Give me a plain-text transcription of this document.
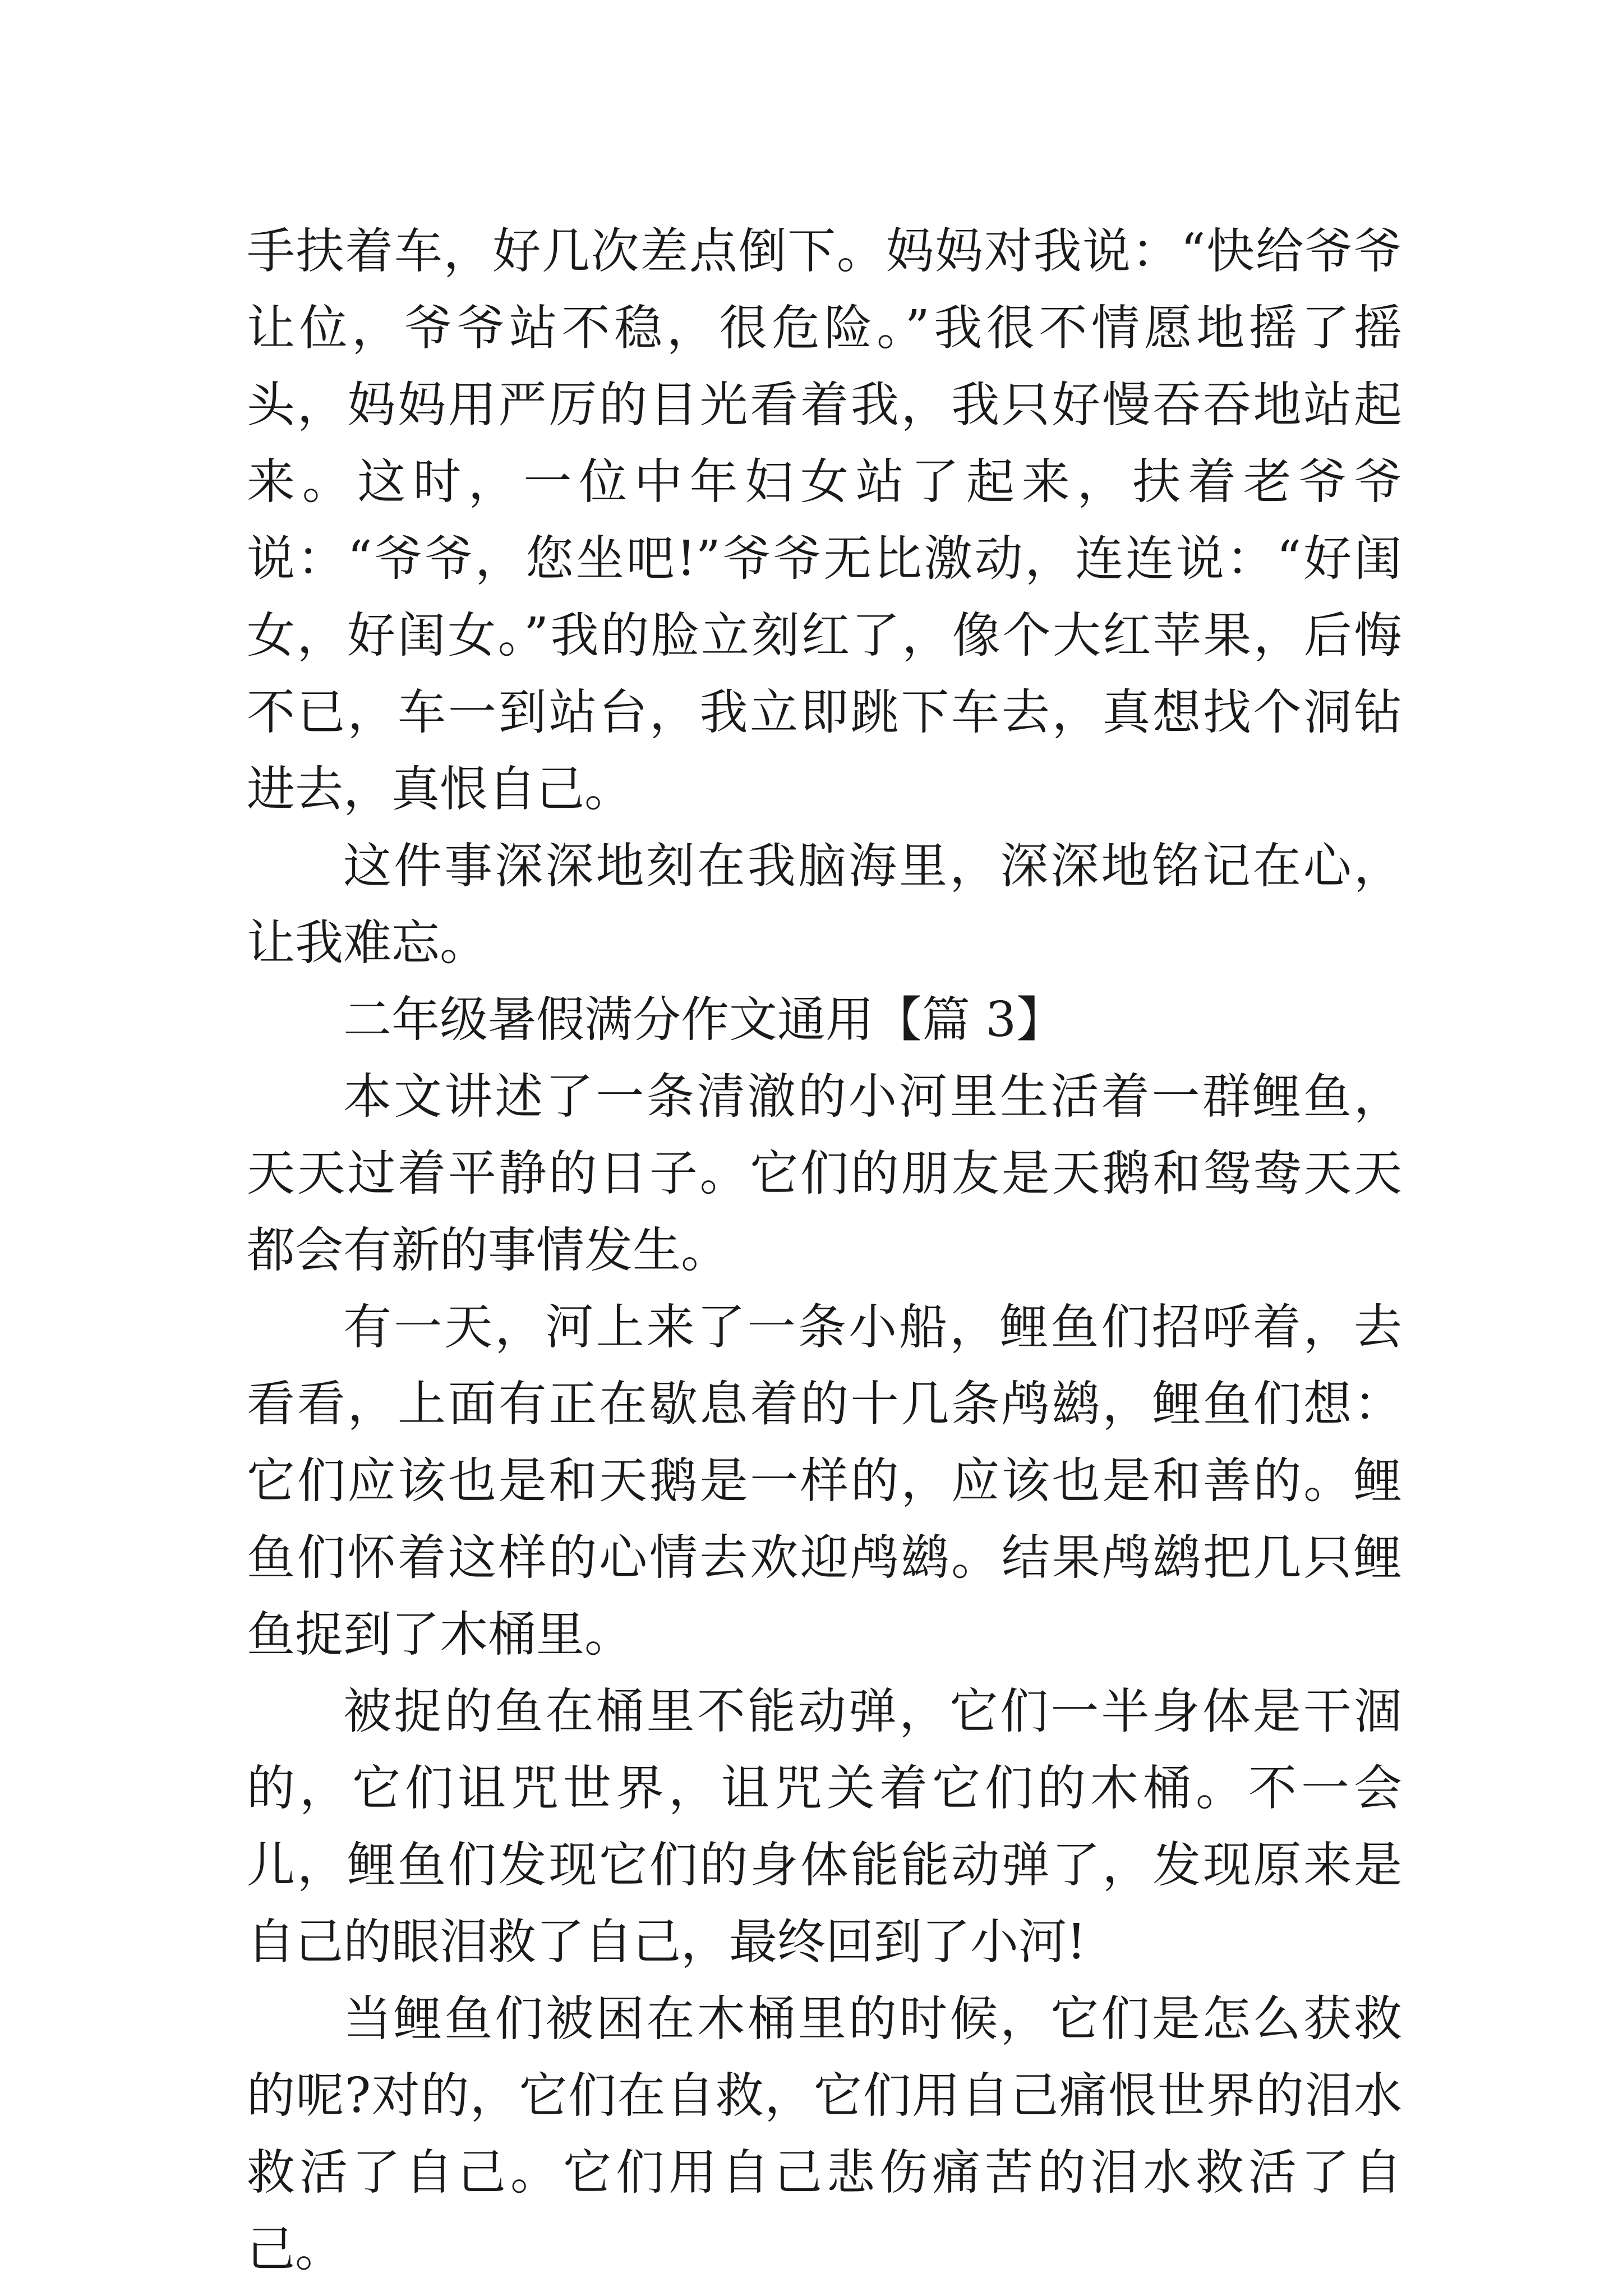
手扶着车，好几次差点倒下。妈妈对我说：“快给爷爷让位，爷爷站不稳，很危险。”我很不情愿地摇了摇头，妈妈用严厉的目光看着我，我只好慢吞吞地站起来。这时，一位中年妇女站了起来，扶着老爷爷说：“爷爷，您坐吧!”爷爷无比激动，连连说：“好闺女，好闺女。”我的脸立刻红了，像个大红苹果，后悔不已，车一到站台，我立即跳下车去，真想找个洞钻进去，真恨自己。

这件事深深地刻在我脑海里，深深地铭记在心，让我难忘。

二年级暑假满分作文通用【篇 3】

本文讲述了一条清澈的小河里生活着一群鲤鱼，天天过着平静的日子。它们的朋友是天鹅和鸳鸯天天都会有新的事情发生。

有一天，河上来了一条小船，鲤鱼们招呼着，去看看，上面有正在歇息着的十几条鸬鹚，鲤鱼们想：它们应该也是和天鹅是一样的，应该也是和善的。鲤鱼们怀着这样的心情去欢迎鸬鹚。结果鸬鹚把几只鲤鱼捉到了木桶里。

被捉的鱼在桶里不能动弹，它们一半身体是干涸的，它们诅咒世界，诅咒关着它们的木桶。不一会儿，鲤鱼们发现它们的身体能能动弹了，发现原来是自己的眼泪救了自己，最终回到了小河!

当鲤鱼们被困在木桶里的时候，它们是怎么获救的呢?对的，它们在自救，它们用自己痛恨世界的泪水救活了自己。它们用自己悲伤痛苦的泪水救活了自己。
